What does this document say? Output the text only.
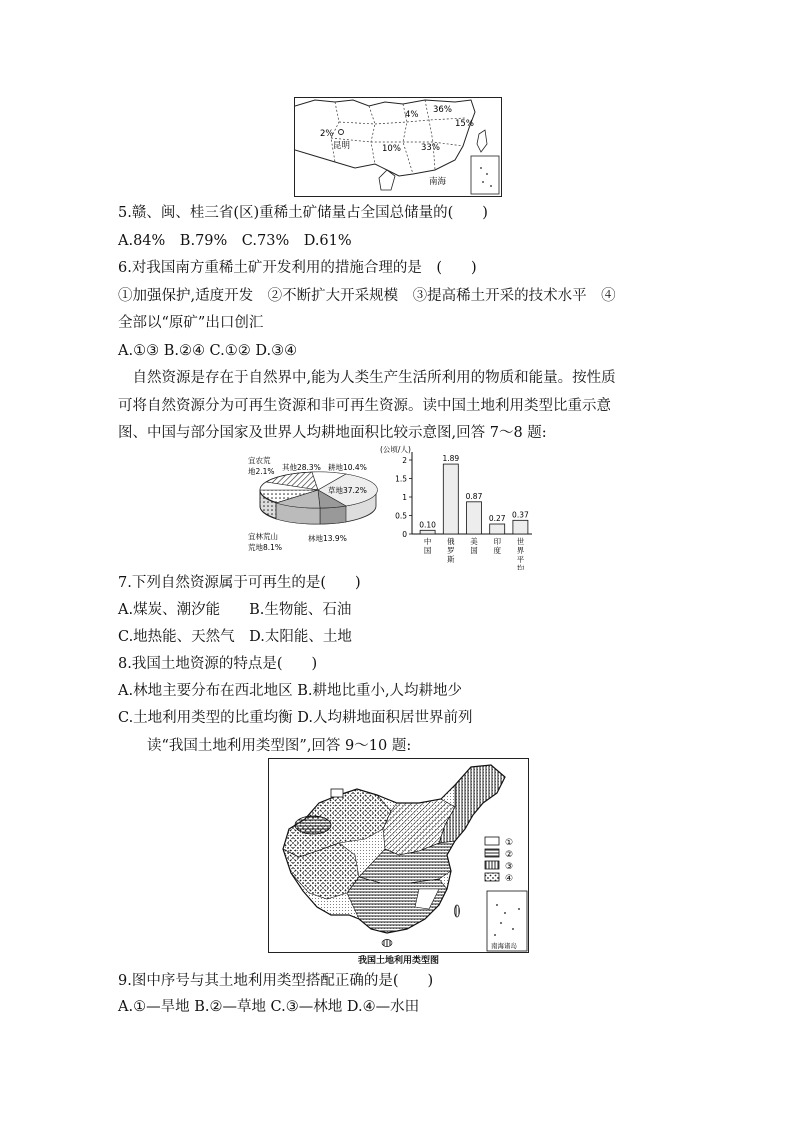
2%
昆明
4% 36%
15%
10% 33%
南海
5.赣、闽、桂三省(区)重稀土矿储量占全国总储量的(　　)
A.84%　B.79%　C.73%　D.61%
6.对我国南方重稀土矿开发利用的措施合理的是　(　　)
①加强保护,适度开发　②不断扩大开采规模　③提高稀土开采的技术水平　④
全部以“原矿”出口创汇
A.①③ B.②④ C.①② D.③④
　自然资源是存在于自然界中,能为人类生产生活所利用的物质和能量。按性质
可将自然资源分为可再生资源和非可再生资源。读中国土地利用类型比重示意
图、中国与部分国家及世界人均耕地面积比较示意图,回答 7～8 题:
宜农荒
地2.1% 其他28.3% 耕地10.4%
草地37.2%
宜林荒山
荒地8.1%
林地13.9%
(公顷/人)
0
0.5
1
1.5
2
0.10
中
国
1.89
俄
罗
斯
0.87
美
国
0.27
印
度
0.37
世
界
平
均
7.下列自然资源属于可再生的是(　　)
A.煤炭、潮汐能　　B.生物能、石油
C.地热能、天然气　D.太阳能、土地
8.我国土地资源的特点是(　　)
A.林地主要分布在西北地区 B.耕地比重小,人均耕地少
C.土地利用类型的比重均衡 D.人均耕地面积居世界前列
　　读“我国土地利用类型图”,回答 9～10 题:
南海诸岛
①
②
③
④
我国土地利用类型图
9.图中序号与其土地利用类型搭配正确的是(　　)
A.①—旱地 B.②—草地 C.③—林地 D.④—水田
